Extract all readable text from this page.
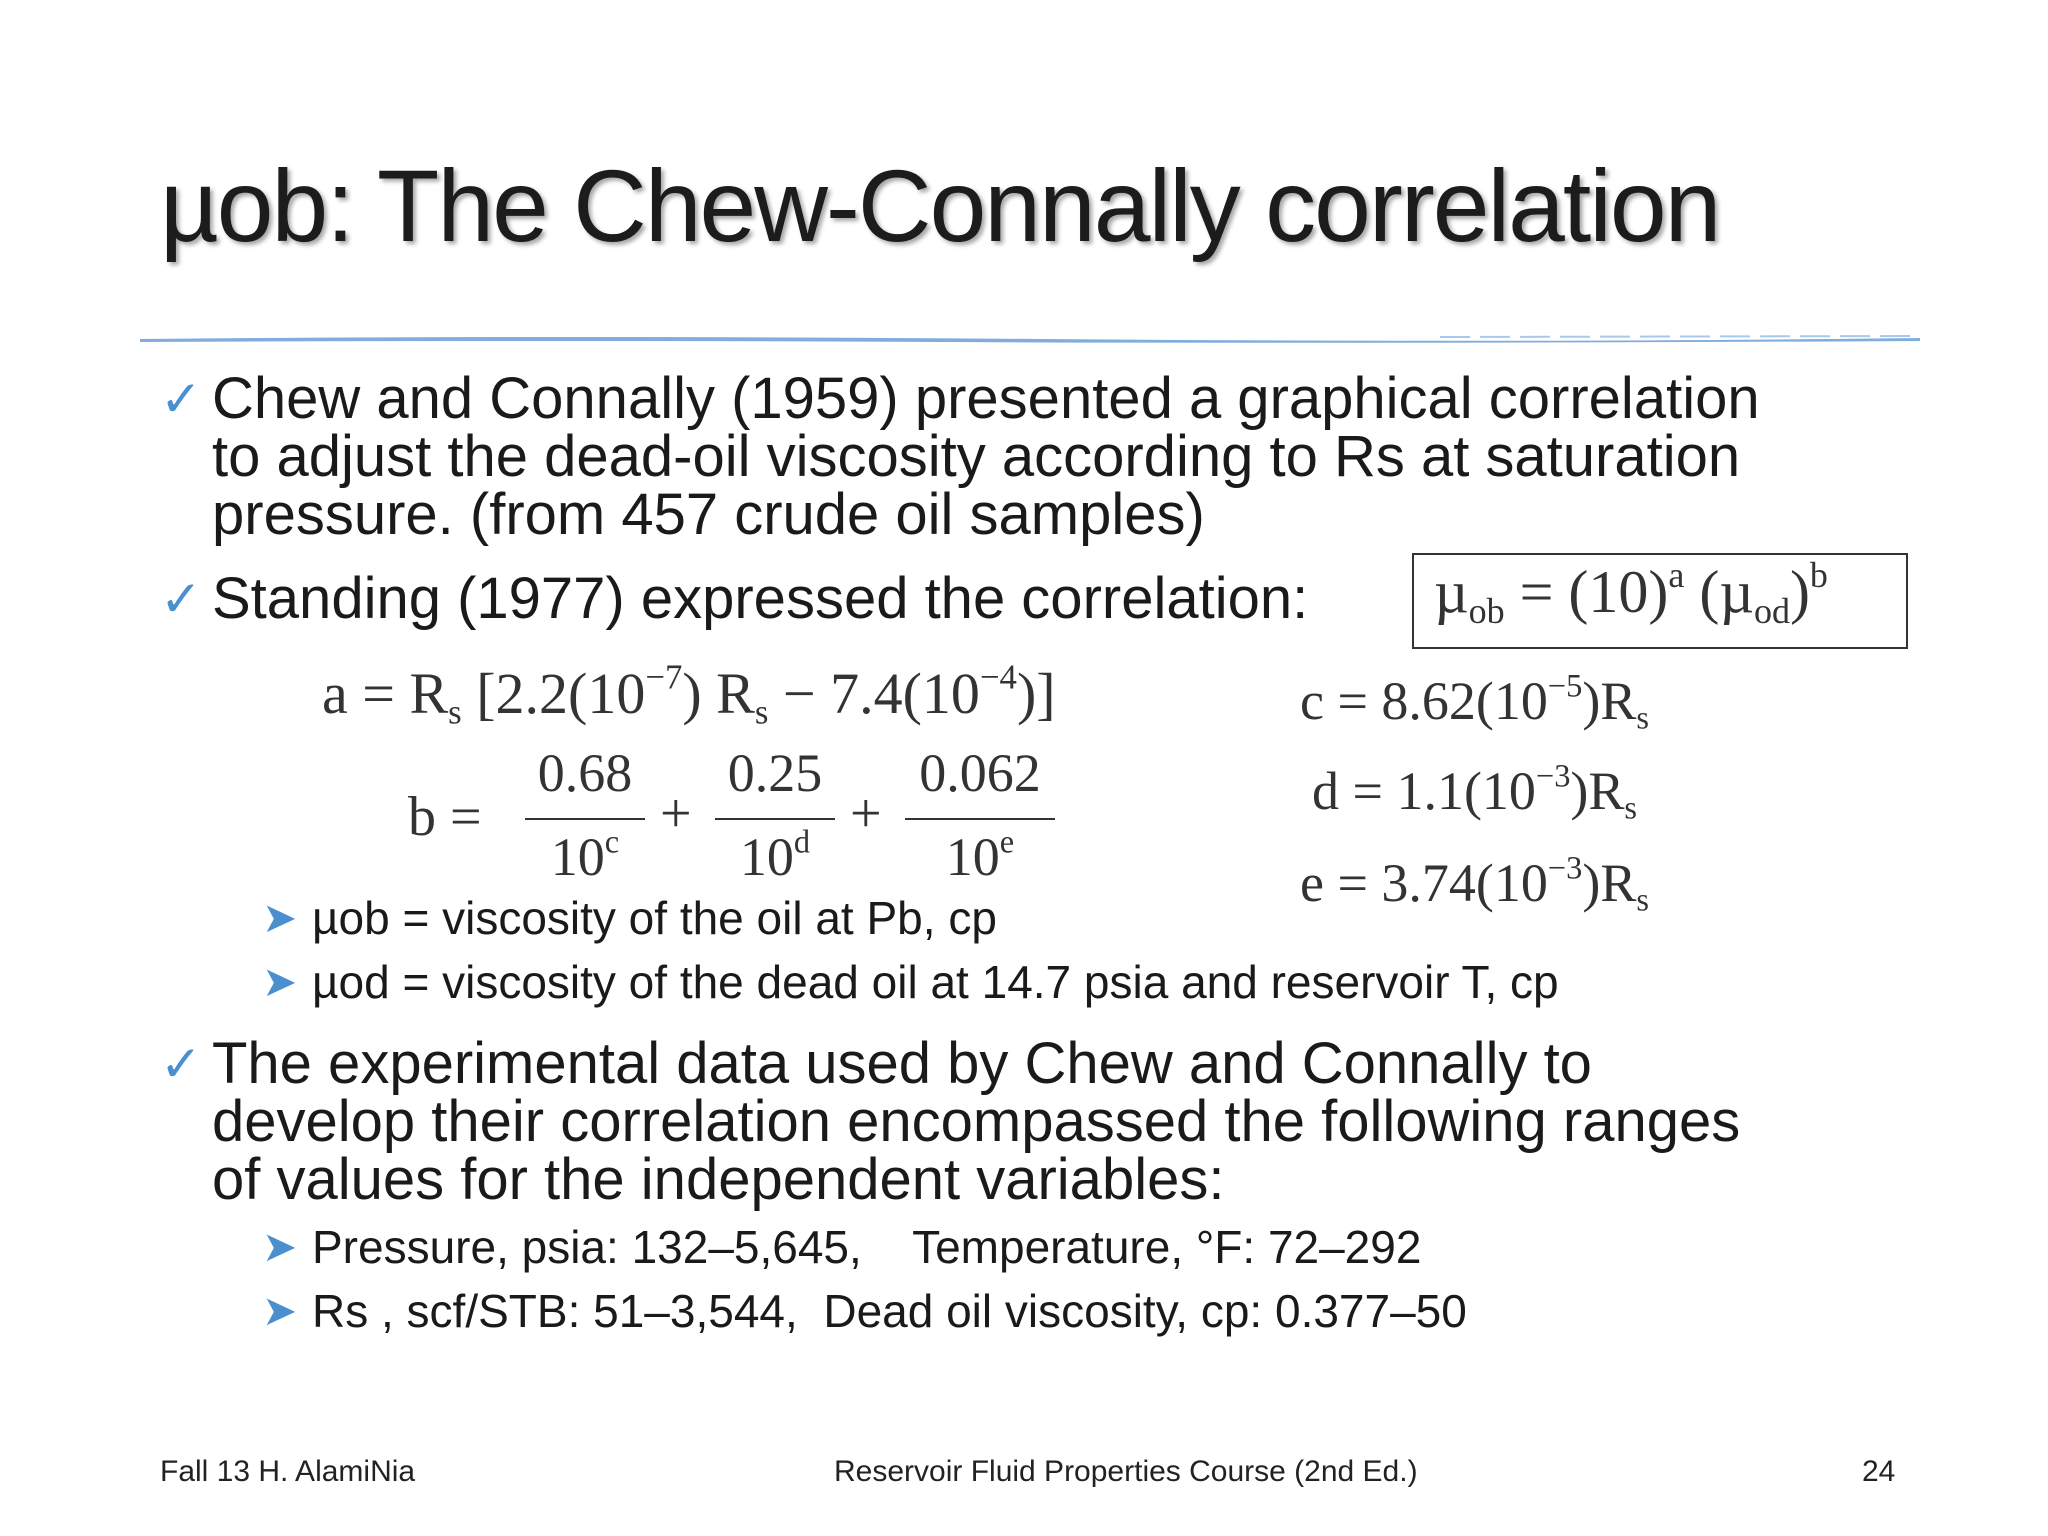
µob: The Chew-Connally correlation
✓ Chew and Connally (1959) presented a graphical correlation
to adjust the dead-oil viscosity according to Rs at saturation
pressure. (from 457 crude oil samples)
✓ Standing (1977) expressed the correlation:	$\mu_{ob} = (10)^a$ $(\mu_{od})^b$
$a = R_s$ $[2.2(10^{-7}) R_s - 7.4(10^{-4})]$
b =
0.68
$10^c$ +
0.25
$10^d$ +
0.062
10e
$c = 8.62(10^{-5})R_s$
$d = 1.1(10^{-3})R_s$
$e = 3.74(10^{-3})R_s$
➤ µob = viscosity of the oil at Pb, cp
➤ µod = viscosity of the dead oil at 14.7 psia and reservoir T, cp
✓ The experimental data used by Chew and Connally to
develop their correlation encompassed the following ranges
of values for the independent variables:
➤ Pressure, psia: 132–5,645,    Temperature, °F: 72–292
➤ Rs , scf/STB: 51–3,544,  Dead oil viscosity, cp: 0.377–50
Fall 13 H. AlamiNia	Reservoir Fluid Properties Course (2nd Ed.)	24
